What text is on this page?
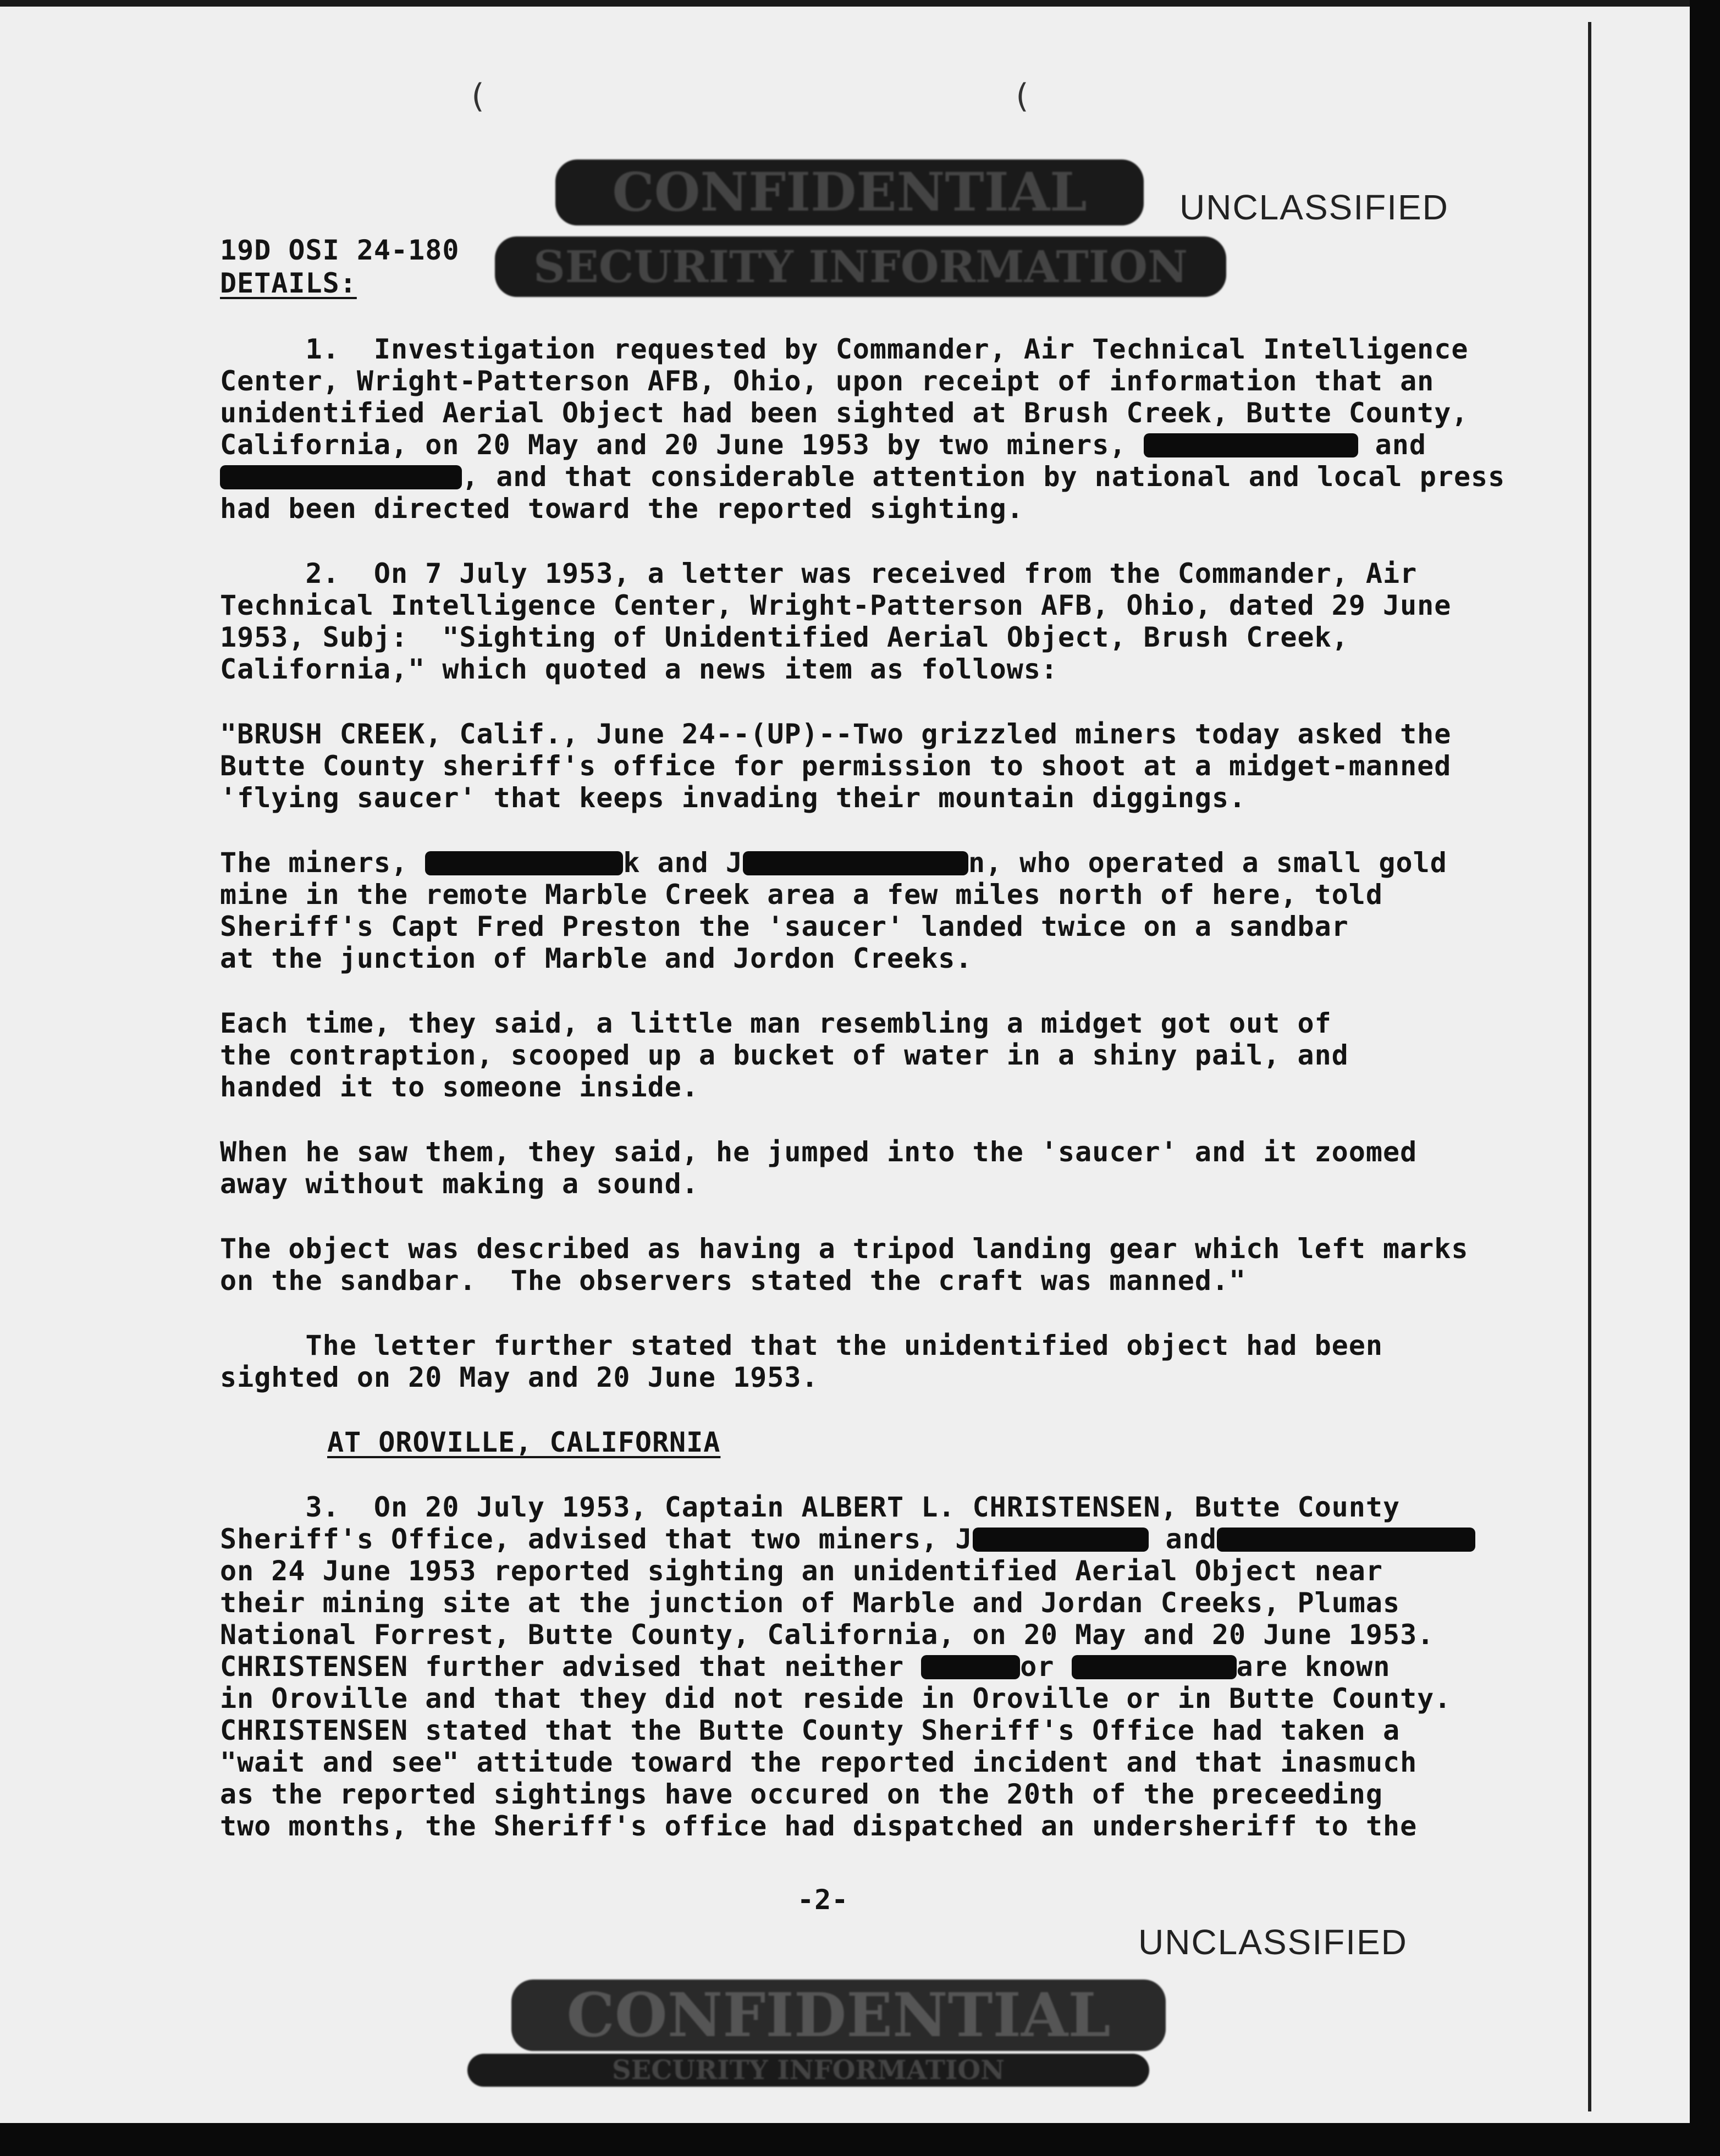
(	(
CONFIDENTIAL
SECURITY INFORMATION
UNCLASSIFIED
19D OSI 24-180
DETAILS:
1.  Investigation requested by Commander, Air Technical Intelligence
Center, Wright-Patterson AFB, Ohio, upon receipt of information that an
unidentified Aerial Object had been sighted at Brush Creek, Butte County,
California, on 20 May and 20 June 1953 by two miners,	and
, and that considerable attention by national and local press
had been directed toward the reported sighting.
2.  On 7 July 1953, a letter was received from the Commander, Air
Technical Intelligence Center, Wright-Patterson AFB, Ohio, dated 29 June
1953, Subj:  "Sighting of Unidentified Aerial Object, Brush Creek,
California," which quoted a news item as follows:
"BRUSH CREEK, Calif., June 24--(UP)--Two grizzled miners today asked the
Butte County sheriff's office for permission to shoot at a midget-manned
'flying saucer' that keeps invading their mountain diggings.
The miners,	k and J	n, who operated a small gold
mine in the remote Marble Creek area a few miles north of here, told
Sheriff's Capt Fred Preston the 'saucer' landed twice on a sandbar
at the junction of Marble and Jordon Creeks.
Each time, they said, a little man resembling a midget got out of
the contraption, scooped up a bucket of water in a shiny pail, and
handed it to someone inside.
When he saw them, they said, he jumped into the 'saucer' and it zoomed
away without making a sound.
The object was described as having a tripod landing gear which left marks
on the sandbar.  The observers stated the craft was manned."
The letter further stated that the unidentified object had been
sighted on 20 May and 20 June 1953.
AT OROVILLE, CALIFORNIA
3.  On 20 July 1953, Captain ALBERT L. CHRISTENSEN, Butte County
Sheriff's Office, advised that two miners, J	and
on 24 June 1953 reported sighting an unidentified Aerial Object near
their mining site at the junction of Marble and Jordan Creeks, Plumas
National Forrest, Butte County, California, on 20 May and 20 June 1953.
CHRISTENSEN further advised that neither	or	are known
in Oroville and that they did not reside in Oroville or in Butte County.
CHRISTENSEN stated that the Butte County Sheriff's Office had taken a
"wait and see" attitude toward the reported incident and that inasmuch
as the reported sightings have occured on the 20th of the preceeding
two months, the Sheriff's office had dispatched an undersheriff to the
-2-
UNCLASSIFIED
CONFIDENTIAL
SECURITY INFORMATION
